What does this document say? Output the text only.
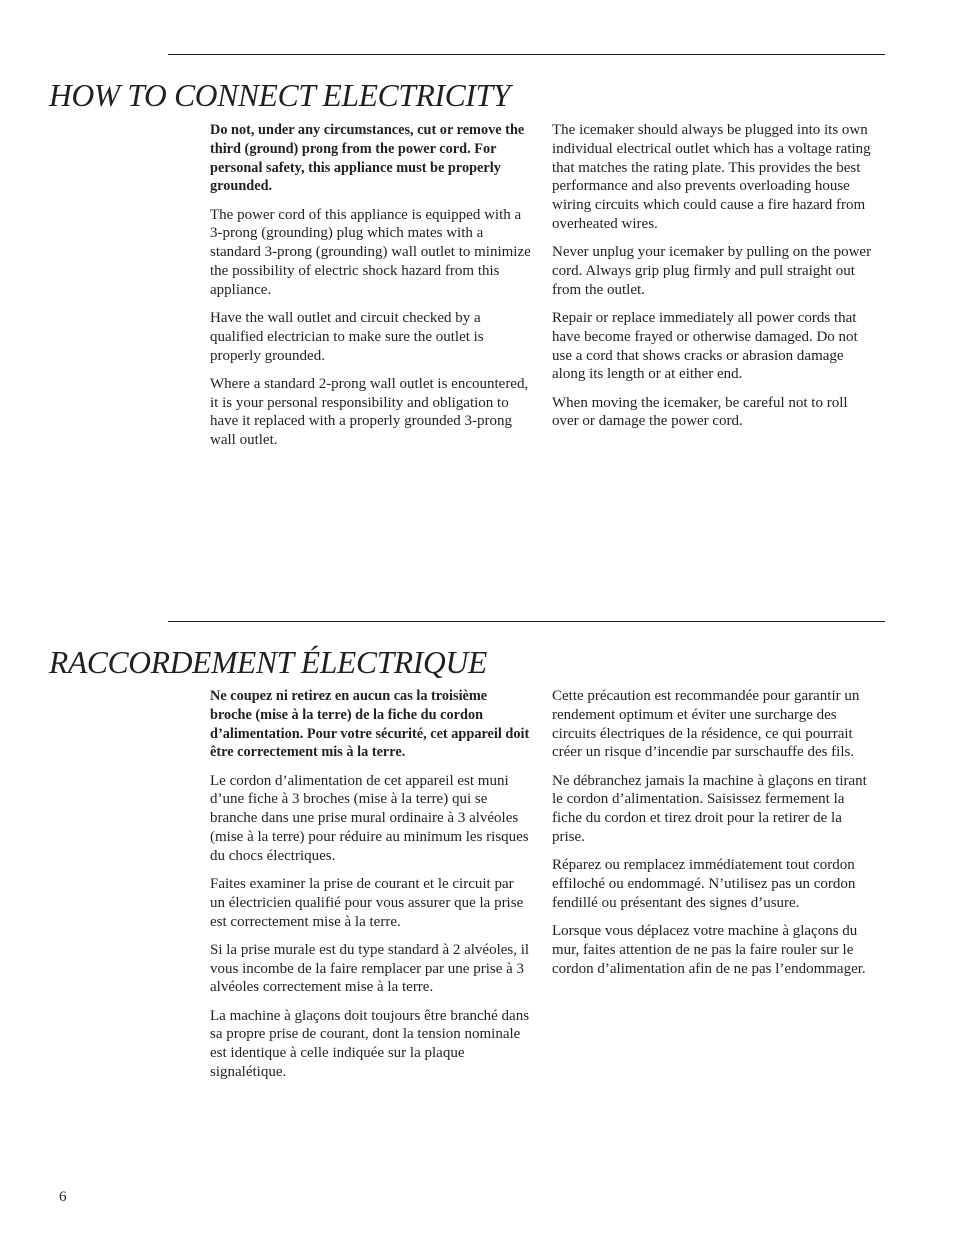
HOW TO CONNECT ELECTRICITY

Do not, under any circumstances, cut or remove the third (ground) prong from the power cord. For personal safety, this appliance must be properly grounded.

The power cord of this appliance is equipped with a 3-prong (grounding) plug which mates with a standard 3-prong (grounding) wall outlet to minimize the possibility of electric shock hazard from this appliance.

Have the wall outlet and circuit checked by a qualified electrician to make sure the outlet is properly grounded.

Where a standard 2-prong wall outlet is encountered, it is your personal responsibility and obligation to have it replaced with a properly grounded 3-prong wall outlet.

The icemaker should always be plugged into its own individual electrical outlet which has a voltage rating that matches the rating plate. This provides the best performance and also prevents overloading house wiring circuits which could cause a fire hazard from overheated wires.

Never unplug your icemaker by pulling on the power cord. Always grip plug firmly and pull straight out from the outlet.

Repair or replace immediately all power cords that have become frayed or otherwise damaged. Do not use a cord that shows cracks or abrasion damage along its length or at either end.

When moving the icemaker, be careful not to roll over or damage the power cord.

RACCORDEMENT ÉLECTRIQUE

Ne coupez ni retirez en aucun cas la troisième broche (mise à la terre) de la fiche du cordon d’alimentation. Pour votre sécurité, cet appareil doit être correctement mis à la terre.

Le cordon d’alimentation de cet appareil est muni d’une fiche à 3 broches (mise à la terre) qui se branche dans une prise mural ordinaire à 3 alvéoles (mise à la terre) pour réduire au minimum les risques du chocs électriques.

Faites examiner la prise de courant et le circuit par un électricien qualifié pour vous assurer que la prise est correctement mise à la terre.

Si la prise murale est du type standard à 2 alvéoles, il vous incombe de la faire remplacer par une prise à 3 alvéoles correctement mise à la terre.

La machine à glaçons doit toujours être branché dans sa propre prise de courant, dont la tension nominale est identique à celle indiquée sur la plaque signalétique.

Cette précaution est recommandée pour garantir un rendement optimum et éviter une surcharge des circuits électriques de la résidence, ce qui pourrait créer un risque d’incendie par surschauffe des fils.

Ne débranchez jamais la machine à glaçons en tirant le cordon d’alimentation. Saisissez fermement la fiche du cordon et tirez droit pour la retirer de la prise.

Réparez ou remplacez immédiatement tout cordon effiloché ou endommagé. N’utilisez pas un cordon fendillé ou présentant des signes d’usure.

Lorsque vous déplacez votre machine à glaçons du mur, faites attention de ne pas la faire rouler sur le cordon d’alimentation afin de ne pas l’endommager.

6
